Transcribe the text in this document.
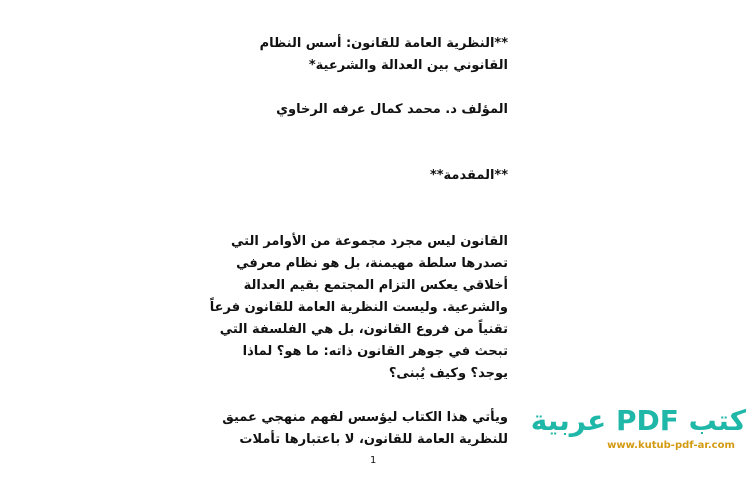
**النظرية العامة للقانون: أسس النظام
القانوني بين العدالة والشرعية*
المؤلف د. محمد كمال عرفه الرخاوي
**المقدمة**
القانون ليس مجرد مجموعة من الأوامر التي
تصدرها سلطة مهيمنة، بل هو نظام معرفي
أخلاقي يعكس التزام المجتمع بقيم العدالة
والشرعية. وليست النظرية العامة للقانون فرعاً
تقنياً من فروع القانون، بل هي الفلسفة التي
تبحث في جوهر القانون ذاته: ما هو؟ لماذا
يوجد؟ وكيف يُبنى؟
ويأتي هذا الكتاب ليؤسس لفهم منهجي عميق
للنظرية العامة للقانون، لا باعتبارها تأملات
1
كتب PDF عربية
www.kutub-pdf-ar.com
